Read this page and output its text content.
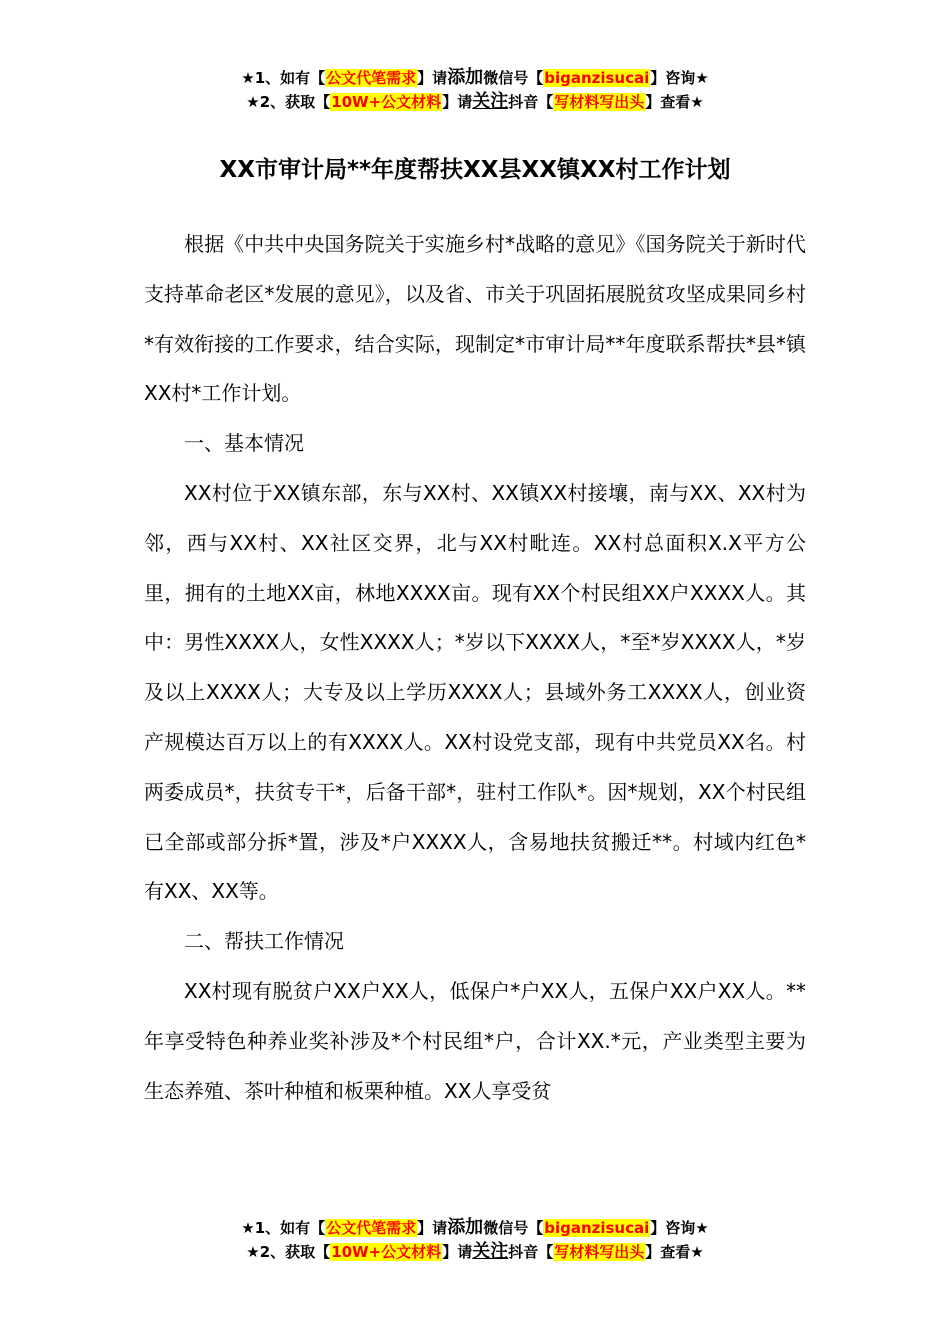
★1、如有【公文代笔需求】请添加微信号【biganzisucai】咨询★
★2、获取【10W+公文材料】请关注抖音【写材料写出头】查看★
XX市审计局**年度帮扶XX县XX镇XX村工作计划

根据《中共中央国务院关于实施乡村*战略的意见》《国务院关于新时代支持革命老区*发展的意见》，以及省、市关于巩固拓展脱贫攻坚成果同乡村*有效衔接的工作要求，结合实际，现制定*市审计局**年度联系帮扶*县*镇XX村*工作计划。

一、基本情况

XX村位于XX镇东部，东与XX村、XX镇XX村接壤，南与XX、XX村为邻，西与XX村、XX社区交界，北与XX村毗连。XX村总面积X.X平方公里，拥有的土地XX亩，林地XXXX亩。现有XX个村民组XX户XXXX人。其中：男性XXXX人，女性XXXX人；*岁以下XXXX人，*至*岁XXXX人，*岁及以上XXXX人；大专及以上学历XXXX人；县域外务工XXXX人，创业资产规模达百万以上的有XXXX人。XX村设党支部，现有中共党员XX名。村两委成员*，扶贫专干*，后备干部*，驻村工作队*。因*规划，XX个村民组已全部或部分拆*置，涉及*户XXXX人，含易地扶贫搬迁**。村域内红色*有XX、XX等。

二、帮扶工作情况

XX村现有脱贫户XX户XX人，低保户*户XX人，五保户XX户XX人。**年享受特色种养业奖补涉及*个村民组*户，合计XX.*元，产业类型主要为生态养殖、茶叶种植和板栗种植。XX人享受贫

★1、如有【公文代笔需求】请添加微信号【biganzisucai】咨询★
★2、获取【10W+公文材料】请关注抖音【写材料写出头】查看★
